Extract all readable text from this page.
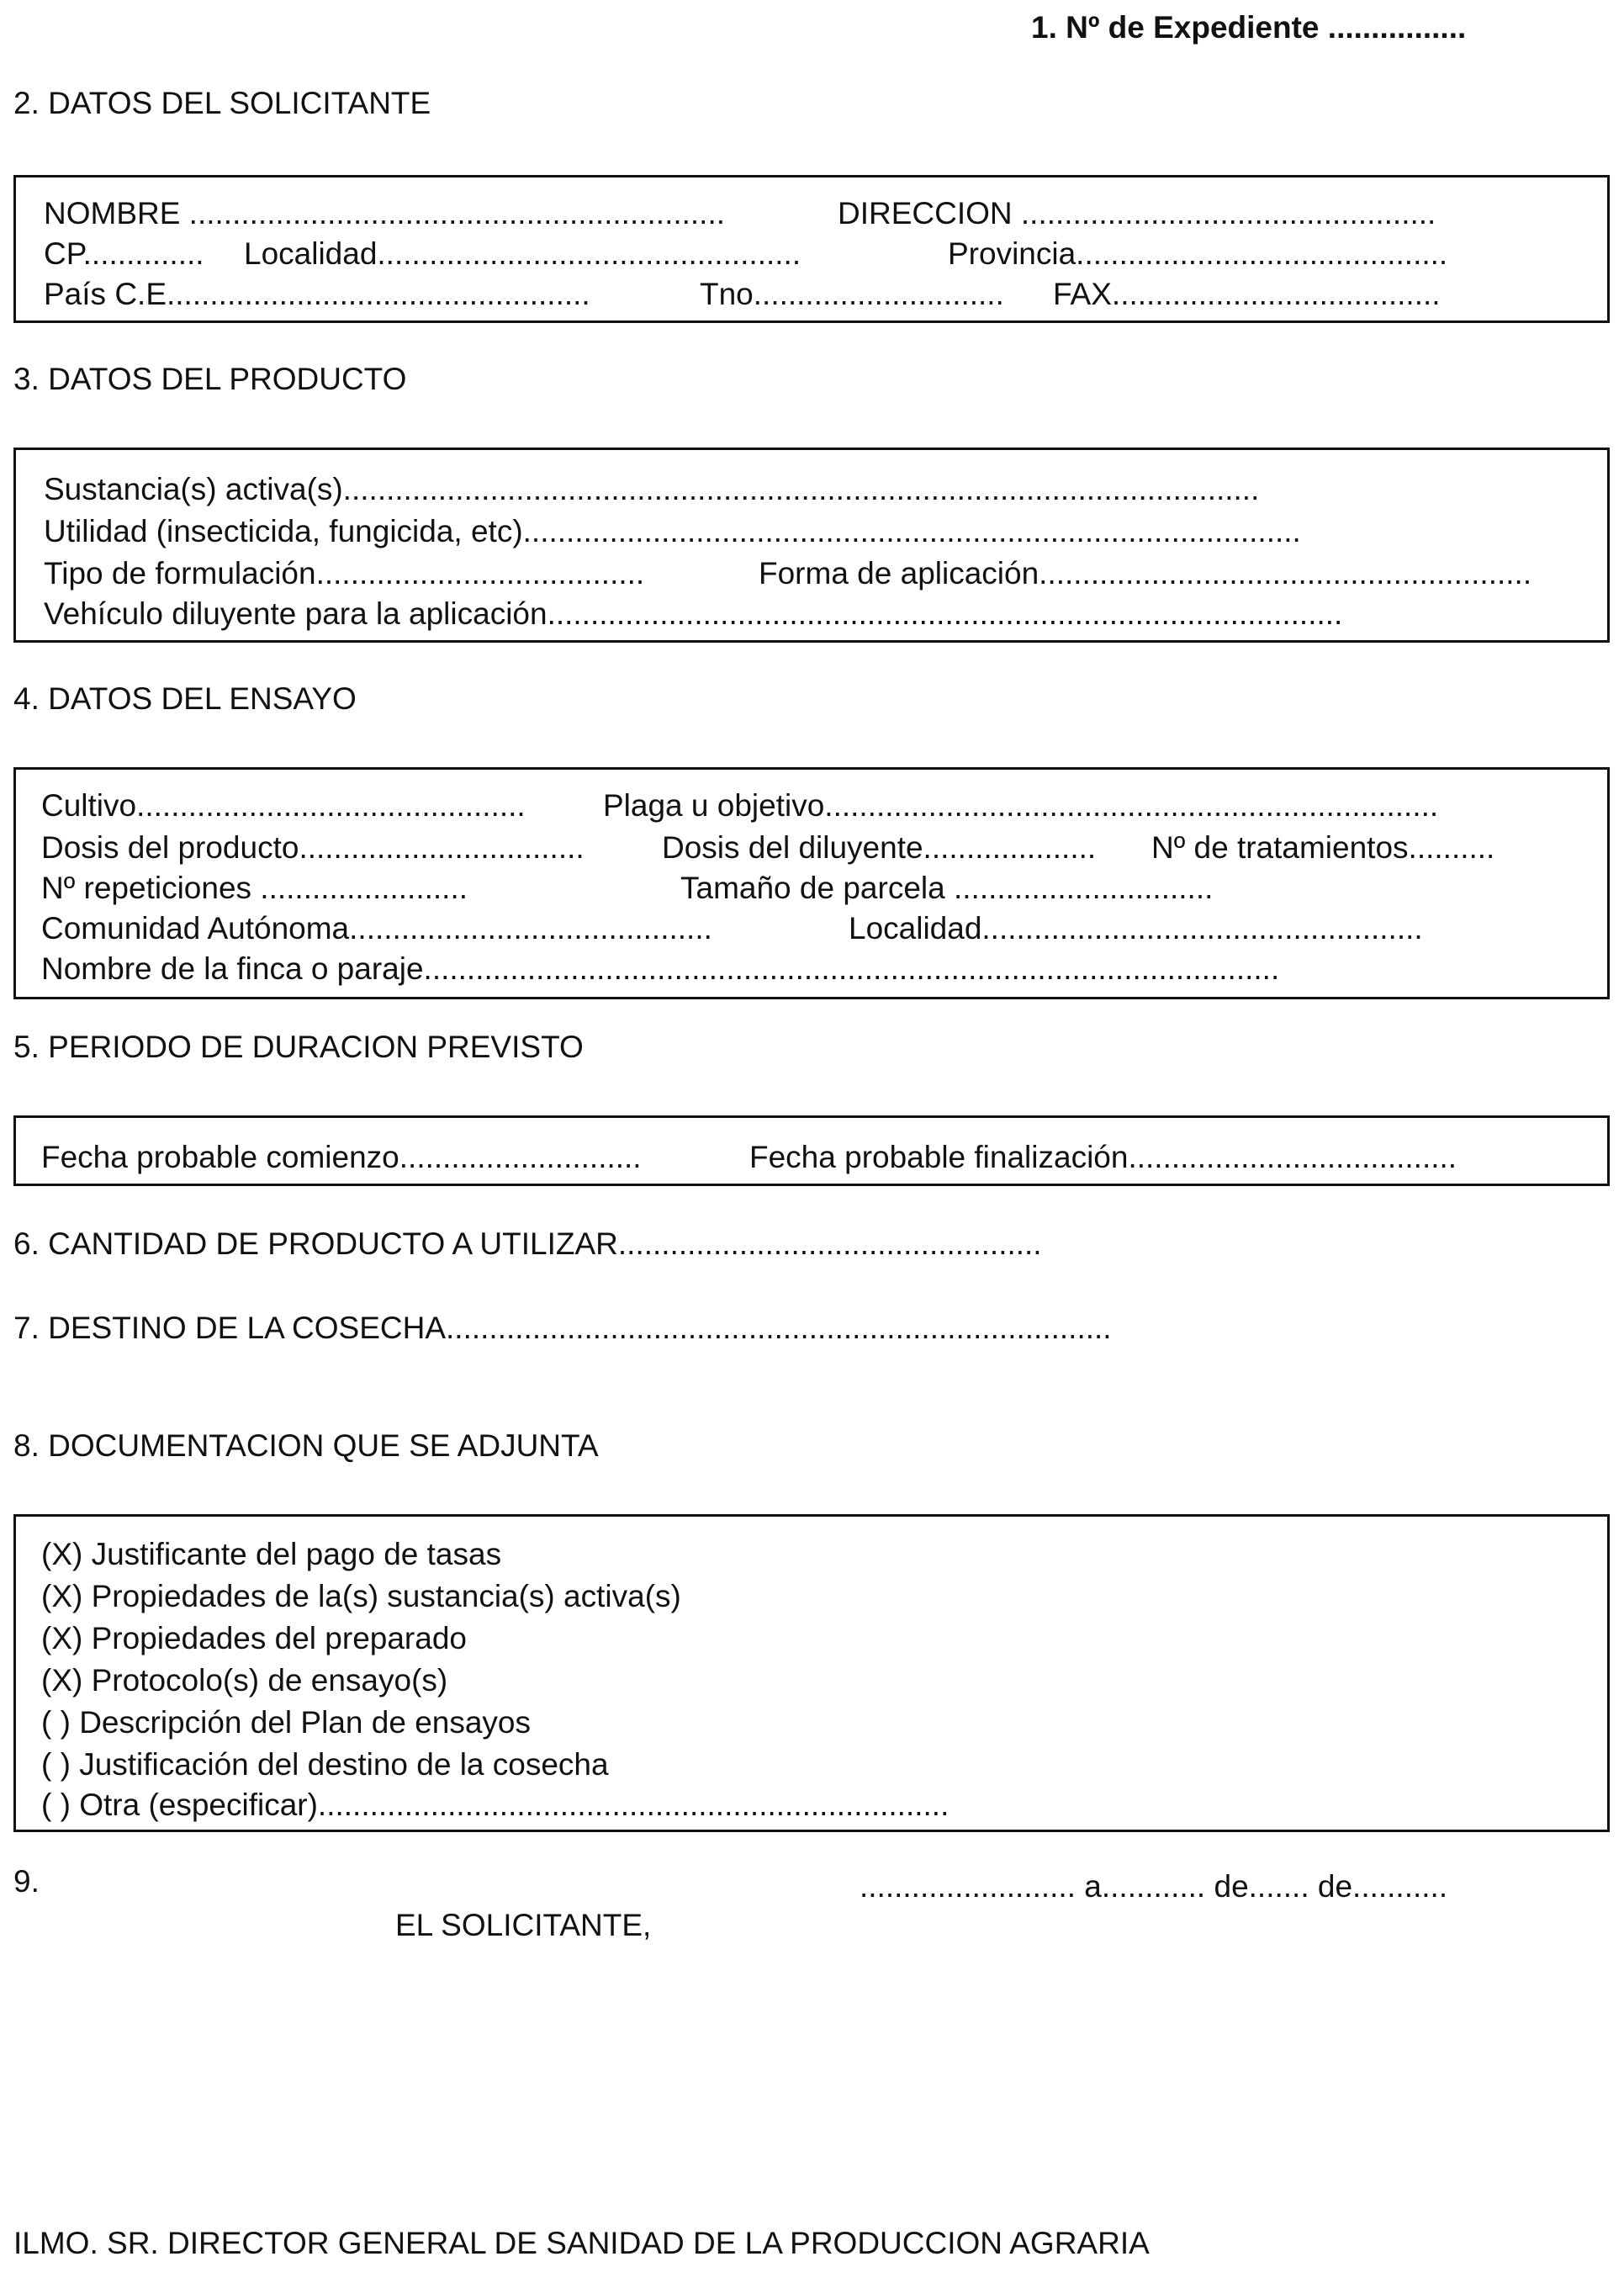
1. Nº de Expediente ................
2. DATOS DEL SOLICITANTE
NOMBRE ..............................................................	DIRECCION ................................................
CP.............. Localidad.................................................	Provincia...........................................
País C.E.................................................	Tno............................. FAX......................................
3. DATOS DEL PRODUCTO
Sustancia(s) activa(s)..........................................................................................................
Utilidad (insecticida, fungicida, etc)..........................................................................................
Tipo de formulación......................................	Forma de aplicación.........................................................
Vehículo diluyente para la aplicación............................................................................................
4. DATOS DEL ENSAYO
Cultivo............................................. Plaga u objetivo.......................................................................
Dosis del producto................................. Dosis del diluyente.................... Nº de tratamientos..........
Nº repeticiones ........................	Tamaño de parcela ..............................
Comunidad Autónoma..........................................	Localidad...................................................
Nombre de la finca o paraje...................................................................................................
5. PERIODO DE DURACION PREVISTO
Fecha probable comienzo............................	Fecha probable finalización......................................
6. CANTIDAD DE PRODUCTO A UTILIZAR.................................................
7. DESTINO DE LA COSECHA.............................................................................
8. DOCUMENTACION QUE SE ADJUNTA
(X) Justificante del pago de tasas
(X) Propiedades de la(s) sustancia(s) activa(s)
(X) Propiedades del preparado
(X) Protocolo(s) de ensayo(s)
( ) Descripción del Plan de ensayos
( ) Justificación del destino de la cosecha
( ) Otra (especificar).........................................................................
9.	......................... a............ de....... de...........
EL SOLICITANTE,
ILMO. SR. DIRECTOR GENERAL DE SANIDAD DE LA PRODUCCION AGRARIA
